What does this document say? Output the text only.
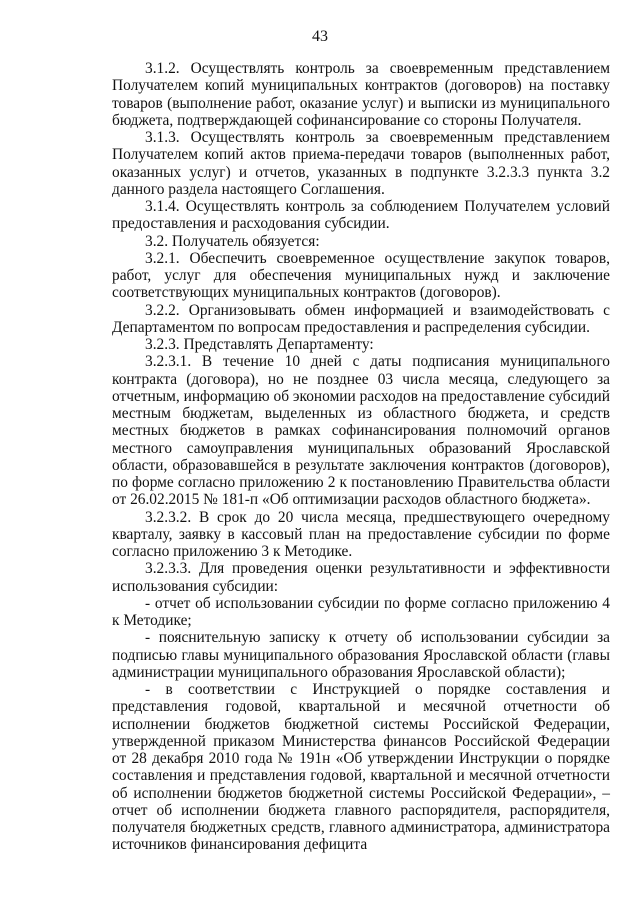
43

3.1.2. Осуществлять контроль за своевременным представлением Получателем копий муниципальных контрактов (договоров) на поставку товаров (выполнение работ, оказание услуг) и выписки из муниципального бюджета, подтверждающей софинансирование со стороны Получателя.

3.1.3. Осуществлять контроль за своевременным представлением Получателем копий актов приема-передачи товаров (выполненных работ, оказанных услуг) и отчетов, указанных в подпункте 3.2.3.3 пункта 3.2 данного раздела настоящего Соглашения.

3.1.4. Осуществлять контроль за соблюдением Получателем условий предоставления и расходования субсидии.

3.2. Получатель обязуется:

3.2.1. Обеспечить своевременное осуществление закупок товаров, работ, услуг для обеспечения муниципальных нужд и заключение соответствующих муниципальных контрактов (договоров).

3.2.2. Организовывать обмен информацией и взаимодействовать с Департаментом по вопросам предоставления и распределения субсидии.

3.2.3. Представлять Департаменту:

3.2.3.1. В течение 10 дней с даты подписания муниципального контракта (договора), но не позднее 03 числа месяца, следующего за отчетным, информацию об экономии расходов на предоставление субсидий местным бюджетам, выделенных из областного бюджета, и средств местных бюджетов в рамках софинансирования полномочий органов местного самоуправления муниципальных образований Ярославской области, образовавшейся в результате заключения контрактов (договоров), по форме согласно приложению 2 к постановлению Правительства области от 26.02.2015 № 181-п «Об оптимизации расходов областного бюджета».

3.2.3.2. В срок до 20 числа месяца, предшествующего очередному кварталу, заявку в кассовый план на предоставление субсидии по форме согласно приложению 3 к Методике.

3.2.3.3. Для проведения оценки результативности и эффективности использования субсидии:

- отчет об использовании субсидии по форме согласно приложению 4 к Методике;

- пояснительную записку к отчету об использовании субсидии за подписью главы муниципального образования Ярославской области (главы администрации муниципального образования Ярославской области);

- в соответствии с Инструкцией о порядке составления и представления годовой, квартальной и месячной отчетности об исполнении бюджетов бюджетной системы Российской Федерации, утвержденной приказом Министерства финансов Российской Федерации от 28 декабря 2010 года № 191н «Об утверждении Инструкции о порядке составления и представления годовой, квартальной и месячной отчетности об исполнении бюджетов бюджетной системы Российской Федерации», – отчет об исполнении бюджета главного распорядителя, распорядителя, получателя бюджетных средств, главного администратора, администратора источников финансирования дефицита
